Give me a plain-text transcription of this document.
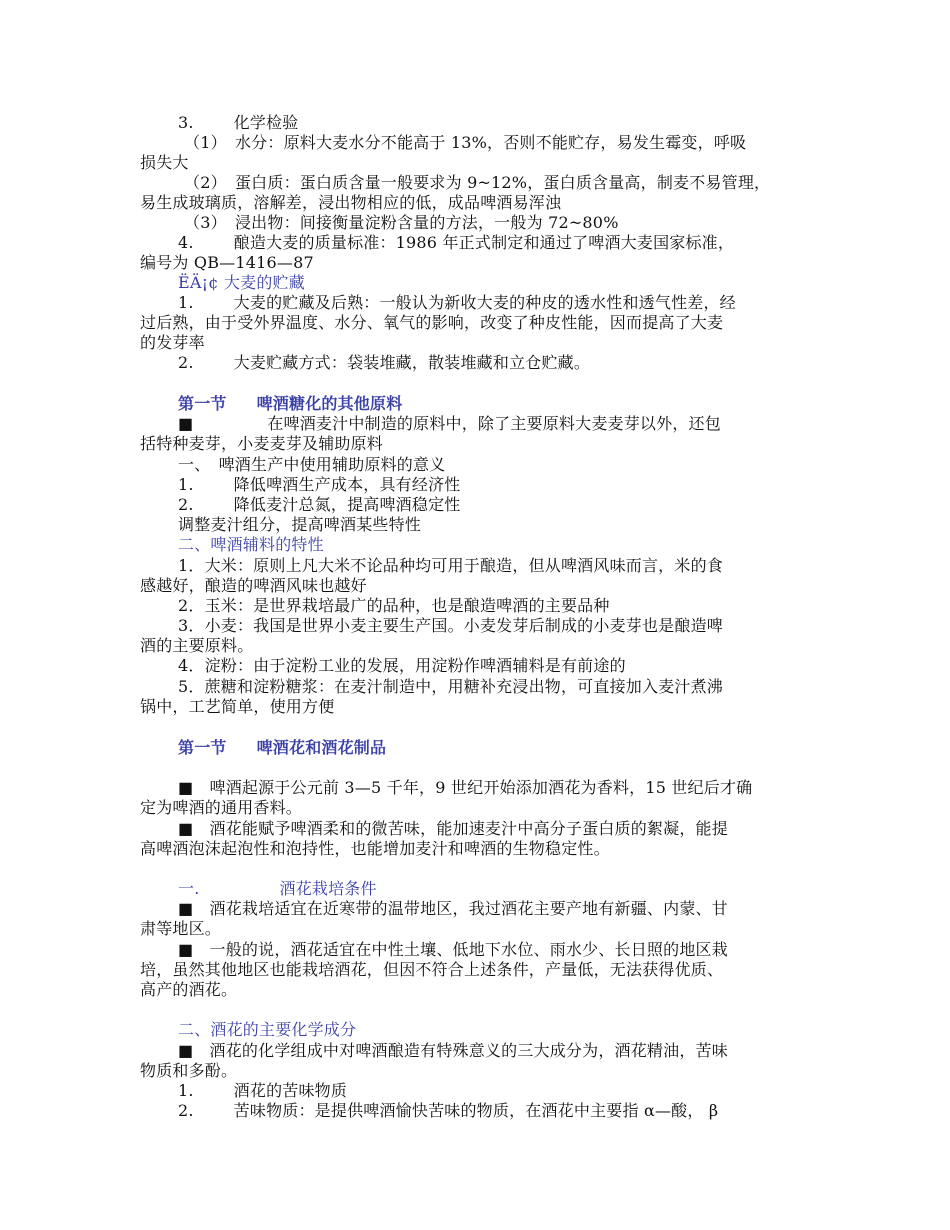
3.	化学检验
（1）　水分：原料大麦水分不能高于 13%，否则不能贮存，易发生霉变，呼吸
损失大
（2）　蛋白质：蛋白质含量一般要求为 9~12%，蛋白质含量高，制麦不易管理，
易生成玻璃质，溶解差，浸出物相应的低，成品啤酒易浑浊
（3）　浸出物：间接衡量淀粉含量的方法，一般为 72~80%
4.	酿造大麦的质量标准：1986 年正式制定和通过了啤酒大麦国家标准，
编号为 QB—1416—87
ËÄ¡¢ 大麦的贮藏
1.	大麦的贮藏及后熟：一般认为新收大麦的种皮的透水性和透气性差，经
过后熟，由于受外界温度、水分、氧气的影响，改变了种皮性能，因而提高了大麦
的发芽率
2.	大麦贮藏方式：袋装堆藏，散装堆藏和立仓贮藏。
第一节 啤酒糖化的其他原料
■	在啤酒麦汁中制造的原料中，除了主要原料大麦麦芽以外，还包
括特种麦芽，小麦麦芽及辅助原料
一、　啤酒生产中使用辅助原料的意义
1.	降低啤酒生产成本，具有经济性
2.	降低麦汁总氮，提高啤酒稳定性
调整麦汁组分，提高啤酒某些特性
二、啤酒辅料的特性
1．大米：原则上凡大米不论品种均可用于酿造，但从啤酒风味而言，米的食
感越好，酿造的啤酒风味也越好
2．玉米：是世界栽培最广的品种，也是酿造啤酒的主要品种
3．小麦：我国是世界小麦主要生产国。小麦发芽后制成的小麦芽也是酿造啤
酒的主要原料。
4．淀粉：由于淀粉工业的发展，用淀粉作啤酒辅料是有前途的
5．蔗糖和淀粉糖浆：在麦汁制造中，用糖补充浸出物，可直接加入麦汁煮沸
锅中，工艺简单，使用方便
第一节 啤酒花和酒花制品
■　啤酒起源于公元前 3—5 千年，9 世纪开始添加酒花为香料，15 世纪后才确
定为啤酒的通用香料。
■　酒花能赋予啤酒柔和的微苦味，能加速麦汁中高分子蛋白质的絮凝，能提
高啤酒泡沫起泡性和泡持性，也能增加麦汁和啤酒的生物稳定性。
一.	酒花栽培条件
■　酒花栽培适宜在近寒带的温带地区，我过酒花主要产地有新疆、内蒙、甘
肃等地区。
■　一般的说，酒花适宜在中性土壤、低地下水位、雨水少、长日照的地区栽
培，虽然其他地区也能栽培酒花，但因不符合上述条件，产量低，无法获得优质、
高产的酒花。
二、酒花的主要化学成分
■　酒花的化学组成中对啤酒酿造有特殊意义的三大成分为，酒花精油，苦味
物质和多酚。
1.	酒花的苦味物质
2.	苦味物质：是提供啤酒愉快苦味的物质，在酒花中主要指 α—酸， β
